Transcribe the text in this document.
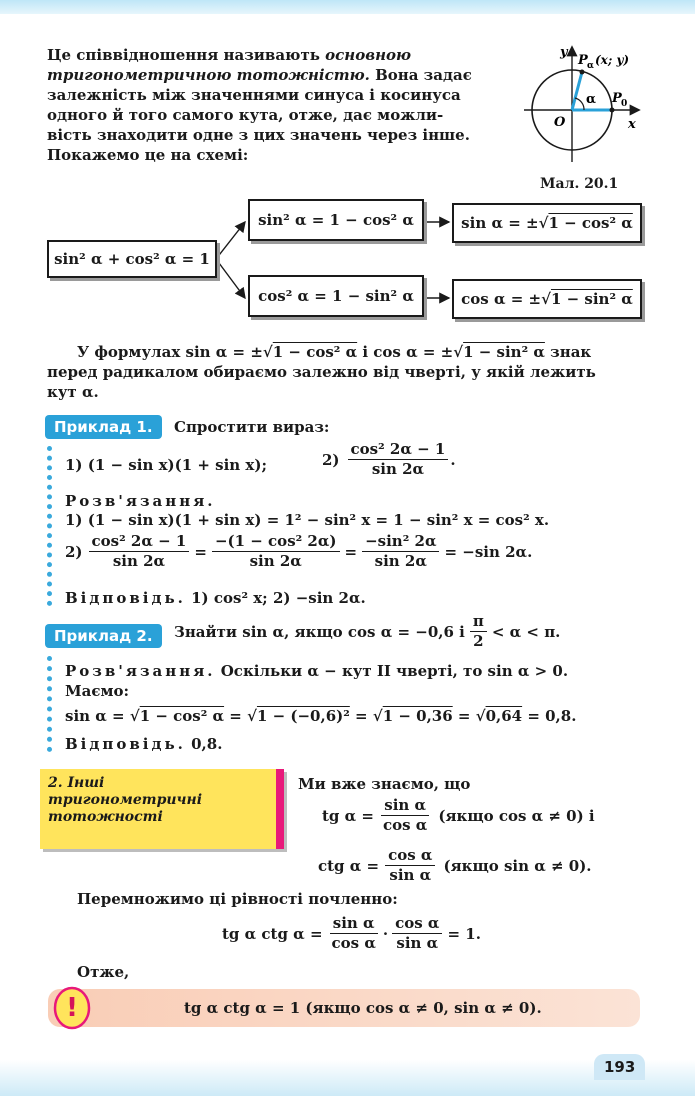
Це співвідношення називають основною
тригонометричною тотожністю. Вона задає
залежність між значеннями синуса і косинуса
одного й того самого кута, отже, дає можли-
вість знаходити одне з цих значень через інше.
Покажемо це на схемі:
y
x
O
α
P α (x; y)
P 0
Мал. 20.1
sin² α + cos² α = 1
sin² α = 1 − cos² α
cos² α = 1 − sin² α
sin α = ± √ 1 − cos² α
cos α = ± √ 1 − sin² α
У формулах sin α = ±√1 − cos² α і cos α = ±√1 − sin² α знак
перед радикалом обираємо залежно від чверті, у якій лежить
кут α.
Приклад 1.	Спростити вираз:
1) (1 − sin x)(1 + sin x);	$2) \frac{\text{cos² 2α − 1}}{\sin 2\alpha}$ .
Розв'язання.
1) (1 − sin x)(1 + sin x) = 1² − sin² x = 1 − sin² x = cos² x.
$2) \frac{\text{cos² 2α − 1}}{\sin 2\alpha} = \frac{\text{−(1 − cos² 2α)}}{\sin 2\alpha} = \frac{\text{−sin² 2α}}{\sin 2\alpha} = -\sin$ 2α.
Відповідь. 1) cos² x; 2) −sin 2α.
Приклад 2.	Знайти sin α, якщо cos α = −0,6 і $\frac{\pi}{2} < \alpha < \pi$.
Розв'язання. Оскільки α − кут II чверті, то sin α > 0.
Маємо:
sin α = √1 − cos² α = √1 − (−0,6)² = √1 − 0,36 = √0,64 = 0,8.
Відповідь. 0,8.
2. Інші
тригонометричні
тотожності
Ми вже знаємо, що
tg $\alpha = \frac{\text{sin α}}{\text{cos α}}$ (якщо cos α ≠ 0) і
ctg $\alpha = \frac{\text{cos α}}{\text{sin α}}$ (якщо sin α ≠ 0).
Перемножимо ці рівності почленно:
tg α ctg $\alpha = \frac{\text{sin α}}{\text{cos α}} \cdot \frac{\text{cos α}}{\text{sin α}} = 1$.
Отже,
!	tg α ctg α = 1 (якщо cos α ≠ 0, sin α ≠ 0).
193
